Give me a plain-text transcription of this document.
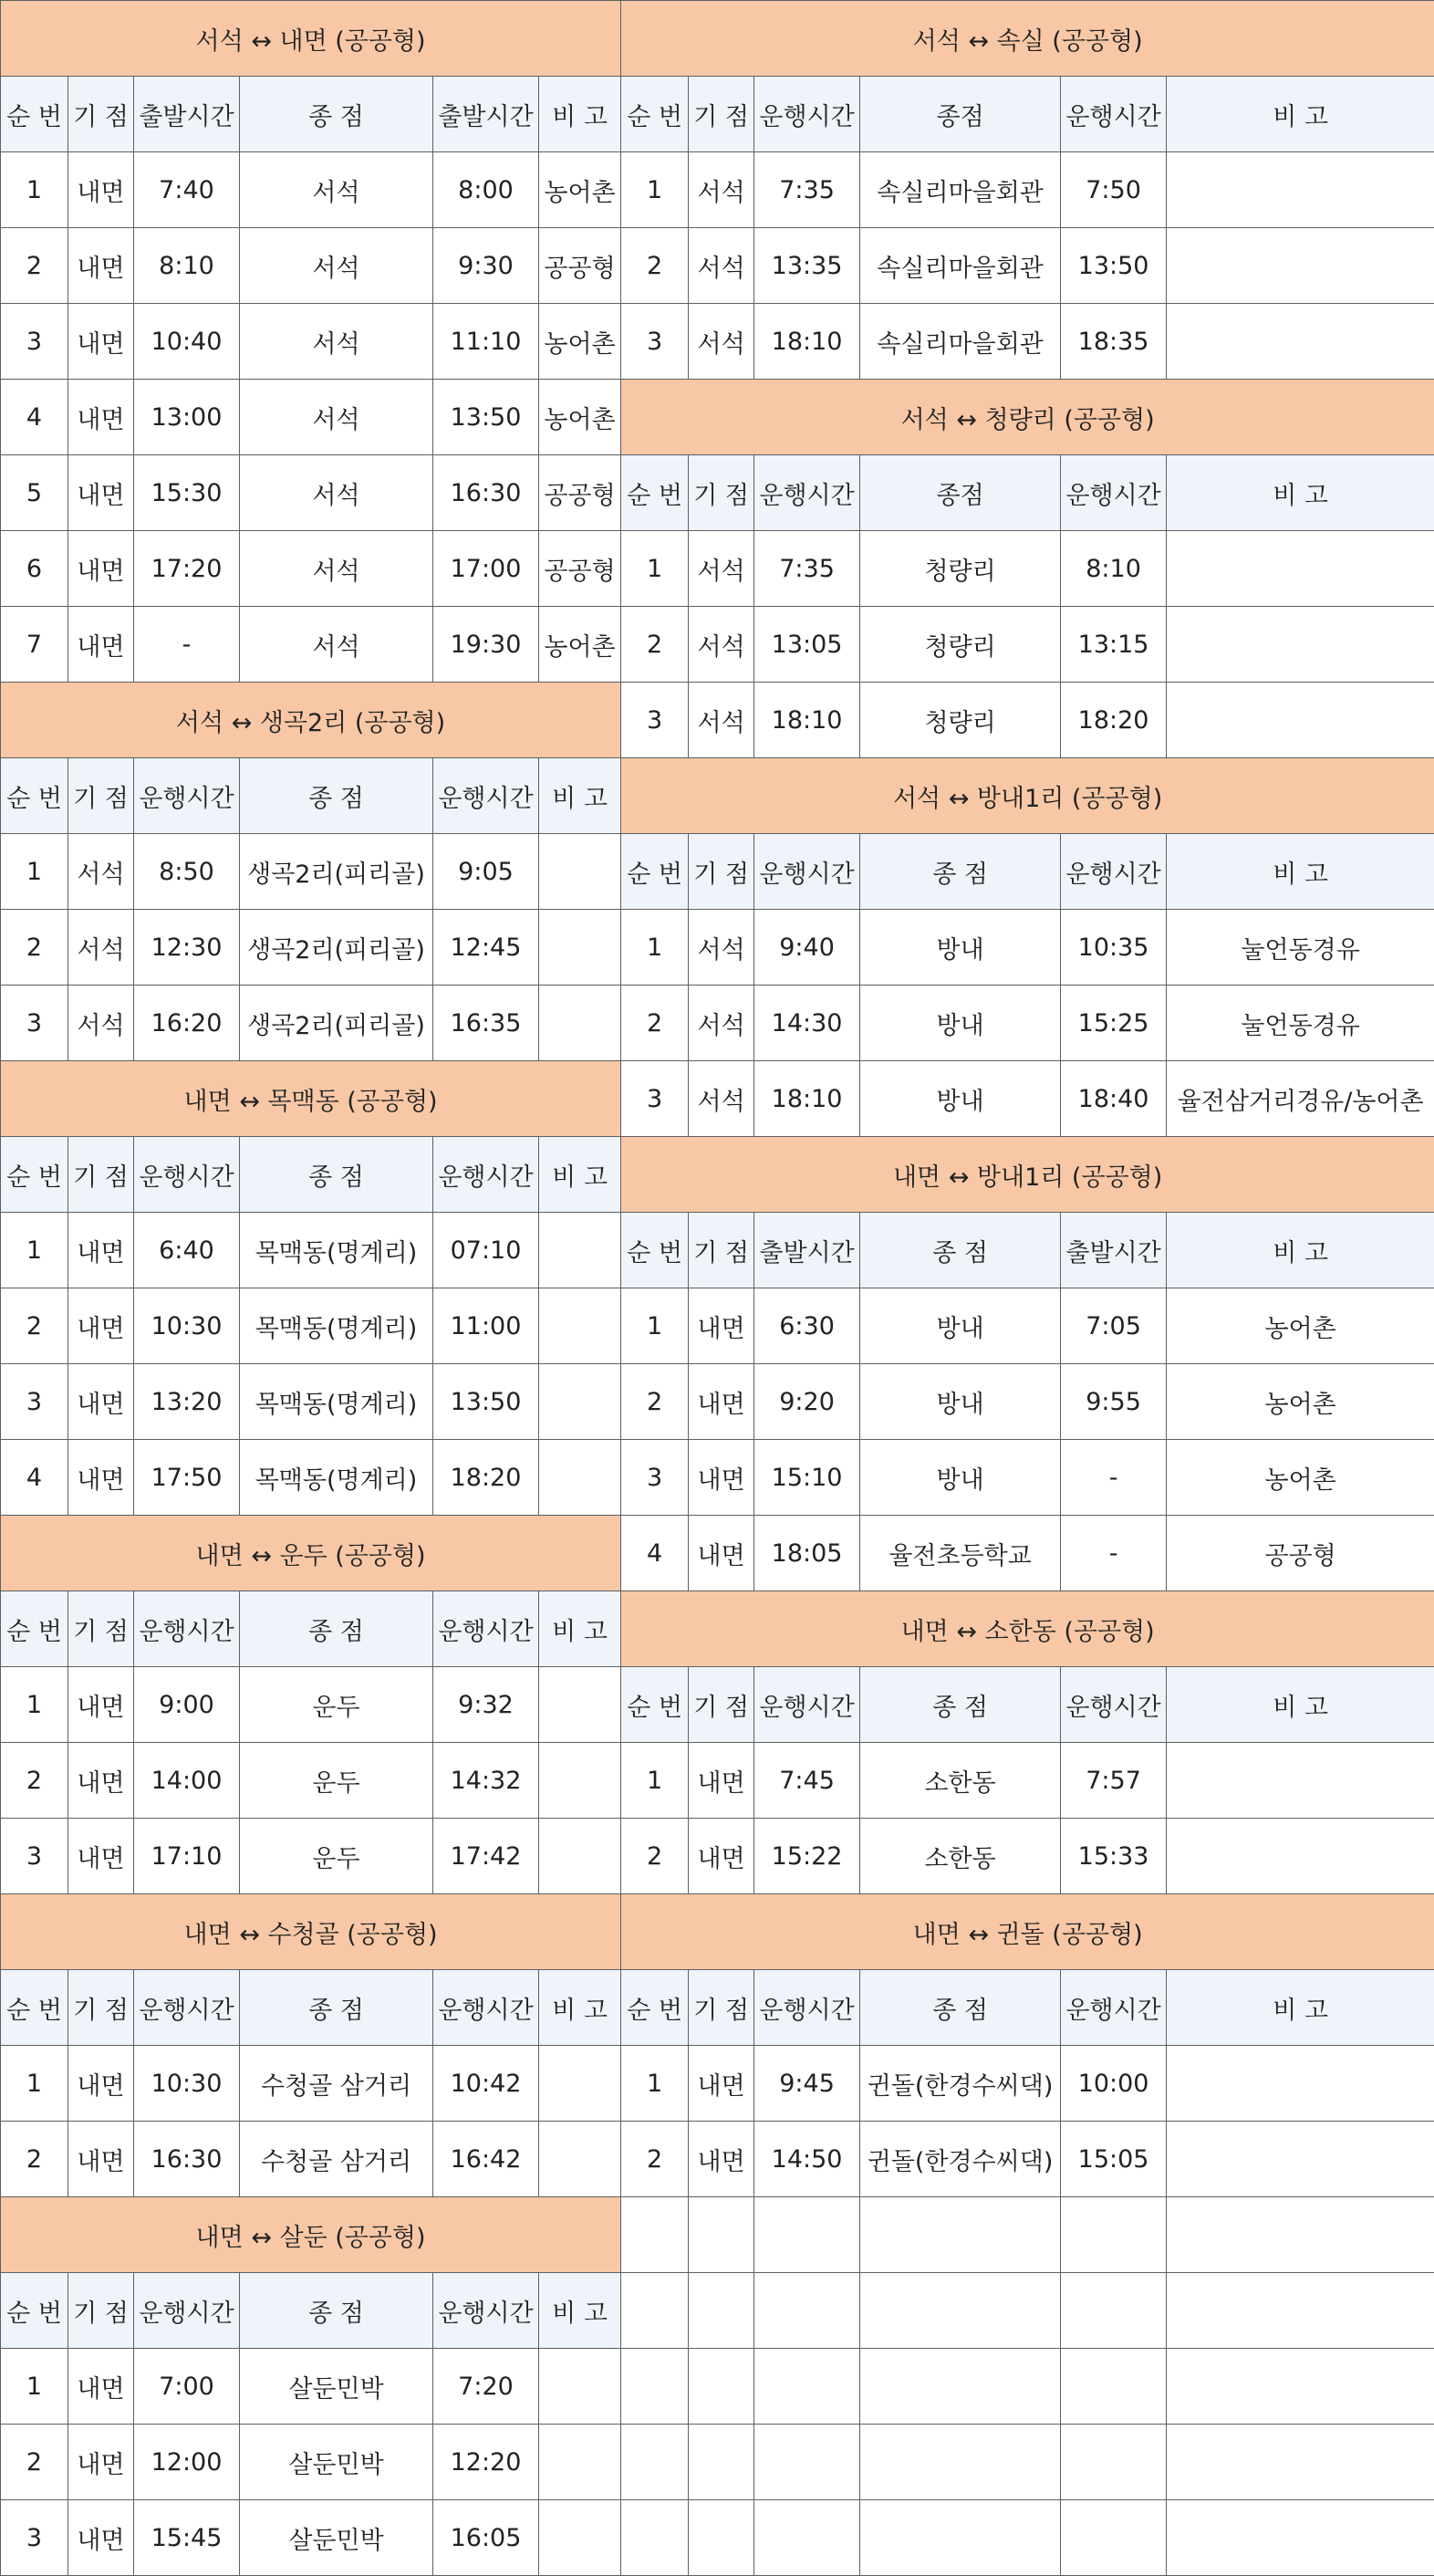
서석 ↔ 내면 (공공형)						서석 ↔ 속실 (공공형)					
순 번	기 점	출발시간	종 점	출발시간	비 고	순 번	기 점	운행시간	종점	운행시간	비 고
1	내면	7:40	서석	8:00	농어촌	1	서석	7:35	속실리마을회관	7:50	
2	내면	8:10	서석	9:30	공공형	2	서석	13:35	속실리마을회관	13:50	
3	내면	10:40	서석	11:10	농어촌	3	서석	18:10	속실리마을회관	18:35	
4	내면	13:00	서석	13:50	농어촌	서석 ↔ 청량리 (공공형)					
5	내면	15:30	서석	16:30	공공형	순 번	기 점	운행시간	종점	운행시간	비 고
6	내면	17:20	서석	17:00	공공형	1	서석	7:35	청량리	8:10	
7	내면	-	서석	19:30	농어촌	2	서석	13:05	청량리	13:15	
서석 ↔ 생곡2리 (공공형)						3	서석	18:10	청량리	18:20	
순 번	기 점	운행시간	종 점	운행시간	비 고	서석 ↔ 방내1리 (공공형)					
1	서석	8:50	생곡2리(피리골)	9:05		순 번	기 점	운행시간	종 점	운행시간	비 고
2	서석	12:30	생곡2리(피리골)	12:45		1	서석	9:40	방내	10:35	눌언동경유
3	서석	16:20	생곡2리(피리골)	16:35		2	서석	14:30	방내	15:25	눌언동경유
내면 ↔ 목맥동 (공공형)						3	서석	18:10	방내	18:40	율전삼거리경유/농어촌
순 번	기 점	운행시간	종 점	운행시간	비 고	내면 ↔ 방내1리 (공공형)					
1	내면	6:40	목맥동(명계리)	07:10		순 번	기 점	출발시간	종 점	출발시간	비 고
2	내면	10:30	목맥동(명계리)	11:00		1	내면	6:30	방내	7:05	농어촌
3	내면	13:20	목맥동(명계리)	13:50		2	내면	9:20	방내	9:55	농어촌
4	내면	17:50	목맥동(명계리)	18:20		3	내면	15:10	방내	-	농어촌
내면 ↔ 운두 (공공형)						4	내면	18:05	율전초등학교	-	공공형
순 번	기 점	운행시간	종 점	운행시간	비 고	내면 ↔ 소한동 (공공형)					
1	내면	9:00	운두	9:32		순 번	기 점	운행시간	종 점	운행시간	비 고
2	내면	14:00	운두	14:32		1	내면	7:45	소한동	7:57	
3	내면	17:10	운두	17:42		2	내면	15:22	소한동	15:33	
내면 ↔ 수청골 (공공형)						내면 ↔ 귄돌 (공공형)					
순 번	기 점	운행시간	종 점	운행시간	비 고	순 번	기 점	운행시간	종 점	운행시간	비 고
1	내면	10:30	수청골 삼거리	10:42		1	내면	9:45	귄돌(한경수씨댁)	10:00	
2	내면	16:30	수청골 삼거리	16:42		2	내면	14:50	귄돌(한경수씨댁)	15:05	
내면 ↔ 살둔 (공공형)											
순 번	기 점	운행시간	종 점	운행시간	비 고						
1	내면	7:00	살둔민박	7:20							
2	내면	12:00	살둔민박	12:20							
3	내면	15:45	살둔민박	16:05							
